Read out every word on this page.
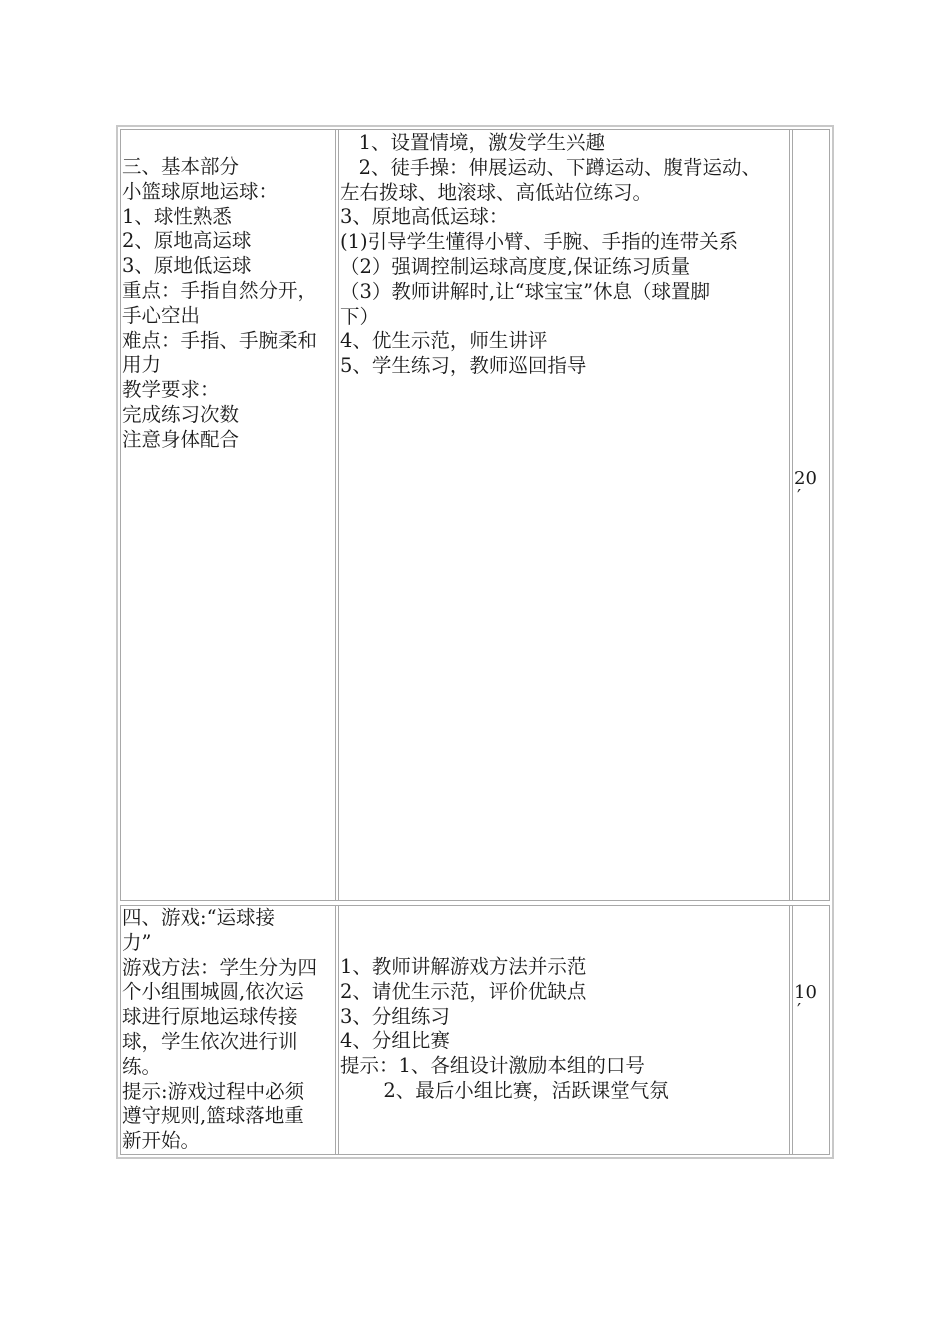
三、基本部分
小篮球原地运球：
1、球性熟悉
2、原地高运球
3、原地低运球
重点：手指自然分开，
手心空出
难点：手指、手腕柔和
用力
教学要求：
完成练习次数
注意身体配合
1、设置情境，激发学生兴趣
2、徒手操：伸展运动、下蹲运动、腹背运动、
左右拨球、地滚球、高低站位练习。
3、原地高低运球：
(1)引导学生懂得小臂、手腕、手指的连带关系
（2）强调控制运球高度度,保证练习质量
（3）教师讲解时,让“球宝宝”休息（球置脚
下）
4、优生示范，师生讲评
5、学生练习，教师巡回指导
20
′
四、游戏:“运球接
力”
游戏方法：学生分为四
个小组围城圆,依次运
球进行原地运球传接
球，学生依次进行训
练。
提示:游戏过程中必须
遵守规则,篮球落地重
新开始。
1、教师讲解游戏方法并示范
2、请优生示范，评价优缺点
3、分组练习
4、分组比赛
提示：1、各组设计激励本组的口号
2、最后小组比赛，活跃课堂气氛
10
′
